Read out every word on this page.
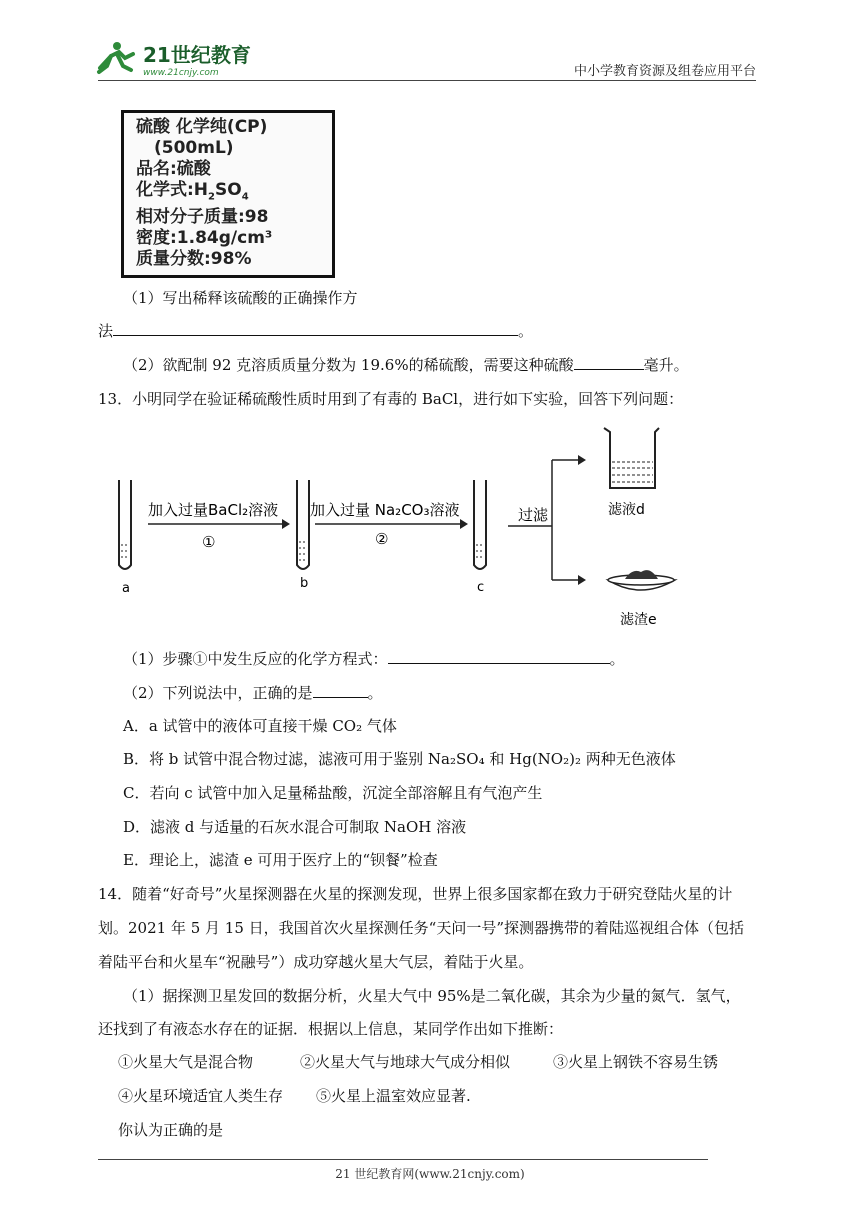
21世纪教育
www.21cnjy.com	中小学教育资源及组卷应用平台
硫酸 化学纯(CP)
(500mL)
品名:硫酸
化学式$:H_2SO_4$
相对分子质量:98
密度:1.84g/cm³
质量分数:98%
（1）写出稀释该硫酸的正确操作方
法	。
（2）欲配制 92 克溶质质量分数为 19.6%的稀硫酸，需要这种硫酸	毫升。
13．小明同学在验证稀硫酸性质时用到了有毒的 BaCl，进行如下实验，回答下列问题：
a
加入过量BaCl₂溶液
①
b
加入过量 Na₂CO₃溶液
②
c
过滤	滤液d
滤渣e
（1）步骤①中发生反应的化学方程式：	。
（2）下列说法中，正确的是	。
A．a 试管中的液体可直接干燥 CO₂ 气体
B．将 b 试管中混合物过滤，滤液可用于鉴别 Na₂SO₄ 和 Hg(NO₂)₂ 两种无色液体
C．若向 c 试管中加入足量稀盐酸，沉淀全部溶解且有气泡产生
D．滤液 d 与适量的石灰水混合可制取 NaOH 溶液
E．理论上，滤渣 e 可用于医疗上的“钡餐”检查
14．随着“好奇号”火星探测器在火星的探测发现，世界上很多国家都在致力于研究登陆火星的计
划。2021 年 5 月 15 日，我国首次火星探测任务“天问一号”探测器携带的着陆巡视组合体（包括
着陆平台和火星车“祝融号”）成功穿越火星大气层，着陆于火星。
（1）据探测卫星发回的数据分析，火星大气中 95%是二氧化碳，其余为少量的氮气．氢气，
还找到了有液态水存在的证据．根据以上信息，某同学作出如下推断：
①火星大气是混合物	②火星大气与地球大气成分相似	③火星上钢铁不容易生锈
④火星环境适宜人类生存 ⑤火星上温室效应显著.
你认为正确的是
21 世纪教育网(www.21cnjy.com)
